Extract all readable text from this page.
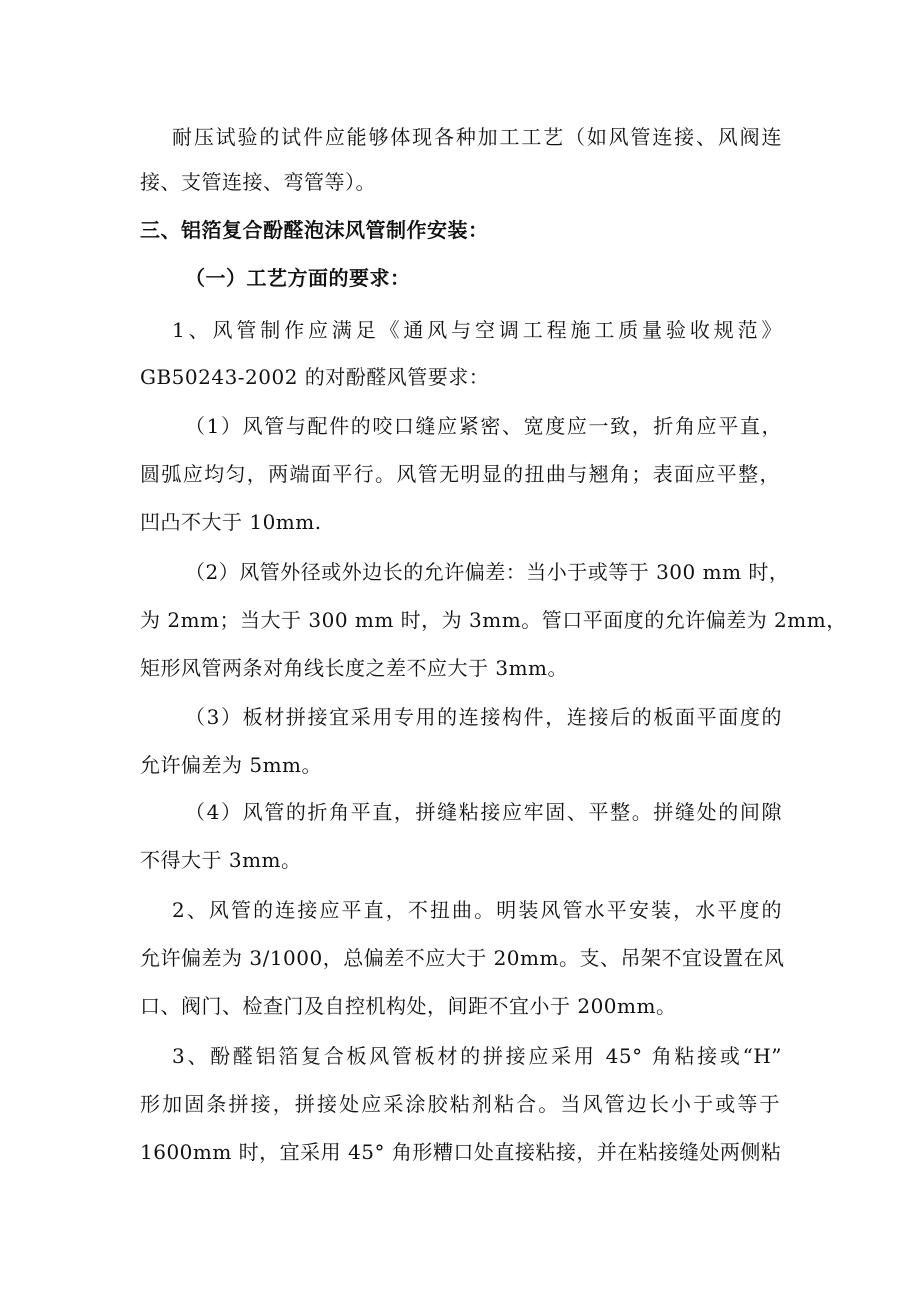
耐压试验的试件应能够体现各种加工工艺（如风管连接、风阀连
接、支管连接、弯管等）。
三、铝箔复合酚醛泡沫风管制作安装：
（一）工艺方面的要求：
1、风管制作应满足《通风与空调工程施工质量验收规范》
GB50243-2002 的对酚醛风管要求：
（1）风管与配件的咬口缝应紧密、宽度应一致，折角应平直，
圆弧应均匀，两端面平行。风管无明显的扭曲与翘角；表面应平整，
凹凸不大于 10mm.
（2）风管外径或外边长的允许偏差：当小于或等于 300 mm 时，
为 2mm；当大于 300 mm 时，为 3mm。管口平面度的允许偏差为 2mm，
矩形风管两条对角线长度之差不应大于 3mm。
（3）板材拼接宜采用专用的连接构件，连接后的板面平面度的
允许偏差为 5mm。
（4）风管的折角平直，拼缝粘接应牢固、平整。拼缝处的间隙
不得大于 3mm。
2、风管的连接应平直，不扭曲。明装风管水平安装，水平度的
允许偏差为 3/1000，总偏差不应大于 20mm。支、吊架不宜设置在风
口、阀门、检查门及自控机构处，间距不宜小于 200mm。
3、酚醛铝箔复合板风管板材的拼接应采用 45° 角粘接或“H”
形加固条拼接，拼接处应采涂胶粘剂粘合。当风管边长小于或等于
1600mm 时，宜采用 45° 角形糟口处直接粘接，并在粘接缝处两侧粘
